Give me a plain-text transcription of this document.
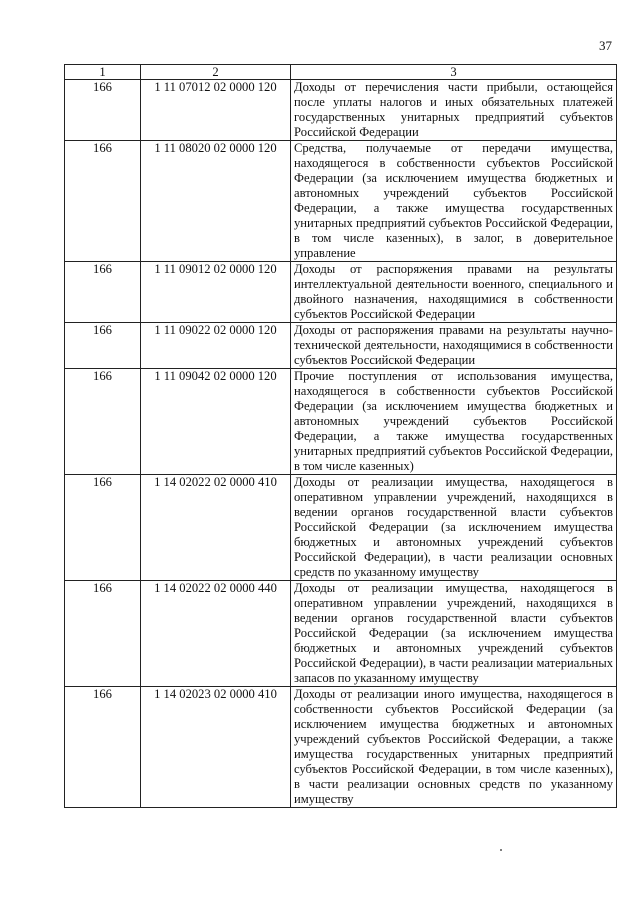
37
1	2	3
166	1 11 07012 02 0000 120	Доходы от перечисления части прибыли, остающейся после уплаты налогов и иных обязательных платежей государственных унитарных предприятий субъектов Российской Федерации
166	1 11 08020 02 0000 120	Средства, получаемые от передачи имущества, находящегося в собственности субъектов Российской Федерации (за исключением имущества бюджетных и автономных учреждений субъектов Российской Федерации, а также имущества государственных унитарных предприятий субъектов Российской Федерации, в том числе казенных), в залог, в доверительное управление
166	1 11 09012 02 0000 120	Доходы от распоряжения правами на результаты интеллектуальной деятельности военного, специального и двойного назначения, находящимися в собственности субъектов Российской Федерации
166	1 11 09022 02 0000 120	Доходы от распоряжения правами на результаты научно-технической деятельности, находящимися в собственности субъектов Российской Федерации
166	1 11 09042 02 0000 120	Прочие поступления от использования имущества, находящегося в собственности субъектов Российской Федерации (за исключением имущества бюджетных и автономных учреждений субъектов Российской Федерации, а также имущества государственных унитарных предприятий субъектов Российской Федерации, в том числе казенных)
166	1 14 02022 02 0000 410	Доходы от реализации имущества, находящегося в оперативном управлении учреждений, находящихся в ведении органов государственной власти субъектов Российской Федерации (за исключением имущества бюджетных и автономных учреждений субъектов Российской Федерации), в части реализации основных средств по указанному имуществу
166	1 14 02022 02 0000 440	Доходы от реализации имущества, находящегося в оперативном управлении учреждений, находящихся в ведении органов государственной власти субъектов Российской Федерации (за исключением имущества бюджетных и автономных учреждений субъектов Российской Федерации), в части реализации материальных запасов по указанному имуществу
166	1 14 02023 02 0000 410	Доходы от реализации иного имущества, находящегося в собственности субъектов Российской Федерации (за исключением имущества бюджетных и автономных учреждений субъектов Российской Федерации, а также имущества государственных унитарных предприятий субъектов Российской Федерации, в том числе казенных), в части реализации основных средств по указанному имуществу
